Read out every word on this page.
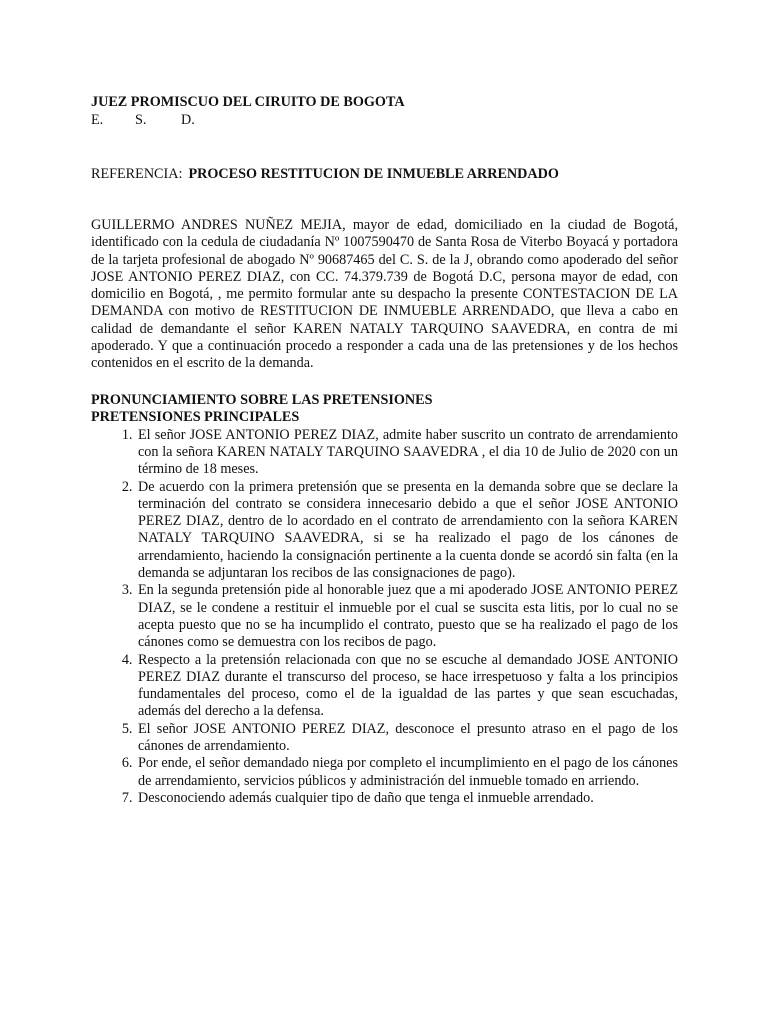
JUEZ PROMISCUO DEL CIRUITO DE BOGOTA
E. S. D.
REFERENCIA: PROCESO RESTITUCION DE INMUEBLE ARRENDADO
GUILLERMO ANDRES NUÑEZ MEJIA, mayor de edad, domiciliado en la ciudad de Bogotá, identificado con la cedula de ciudadanía Nº 1007590470 de Santa Rosa de Viterbo Boyacá y portadora de la tarjeta profesional de abogado Nº 90687465 del C. S. de la J, obrando como apoderado del señor JOSE ANTONIO PEREZ DIAZ, con CC. 74.379.739 de Bogotá D.C, persona mayor de edad, con domicilio en Bogotá, , me permito formular ante su despacho la presente CONTESTACION DE LA DEMANDA con motivo de RESTITUCION DE INMUEBLE ARRENDADO, que lleva a cabo en calidad de demandante el señor KAREN NATALY TARQUINO SAAVEDRA, en contra de mi apoderado. Y que a continuación procedo a responder a cada una de las pretensiones y de los hechos contenidos en el escrito de la demanda.
PRONUNCIAMIENTO SOBRE LAS PRETENSIONES
PRETENSIONES PRINCIPALES
1. El señor JOSE ANTONIO PEREZ DIAZ, admite haber suscrito un contrato de arrendamiento con la señora KAREN NATALY TARQUINO SAAVEDRA , el dia 10 de Julio de 2020 con un término de 18 meses.
2. De acuerdo con la primera pretensión que se presenta en la demanda sobre que se declare la terminación del contrato se considera innecesario debido a que el señor JOSE ANTONIO PEREZ DIAZ, dentro de lo acordado en el contrato de arrendamiento con la señora KAREN NATALY TARQUINO SAAVEDRA, si se ha realizado el pago de los cánones de arrendamiento, haciendo la consignación pertinente a la cuenta donde se acordó sin falta (en la demanda se adjuntaran los recibos de las consignaciones de pago).
3. En la segunda pretensión pide al honorable juez que a mi apoderado JOSE ANTONIO PEREZ DIAZ, se le condene a restituir el inmueble por el cual se suscita esta litis, por lo cual no se acepta puesto que no se ha incumplido el contrato, puesto que se ha realizado el pago de los cánones como se demuestra con los recibos de pago.
4. Respecto a la pretensión relacionada con que no se escuche al demandado JOSE ANTONIO PEREZ DIAZ durante el transcurso del proceso, se hace irrespetuoso y falta a los principios fundamentales del proceso, como el de la igualdad de las partes y que sean escuchadas, además del derecho a la defensa.
5. El señor JOSE ANTONIO PEREZ DIAZ, desconoce el presunto atraso en el pago de los cánones de arrendamiento.
6. Por ende, el señor demandado niega por completo el incumplimiento en el pago de los cánones de arrendamiento, servicios públicos y administración del inmueble tomado en arriendo.
7. Desconociendo además cualquier tipo de daño que tenga el inmueble arrendado.
